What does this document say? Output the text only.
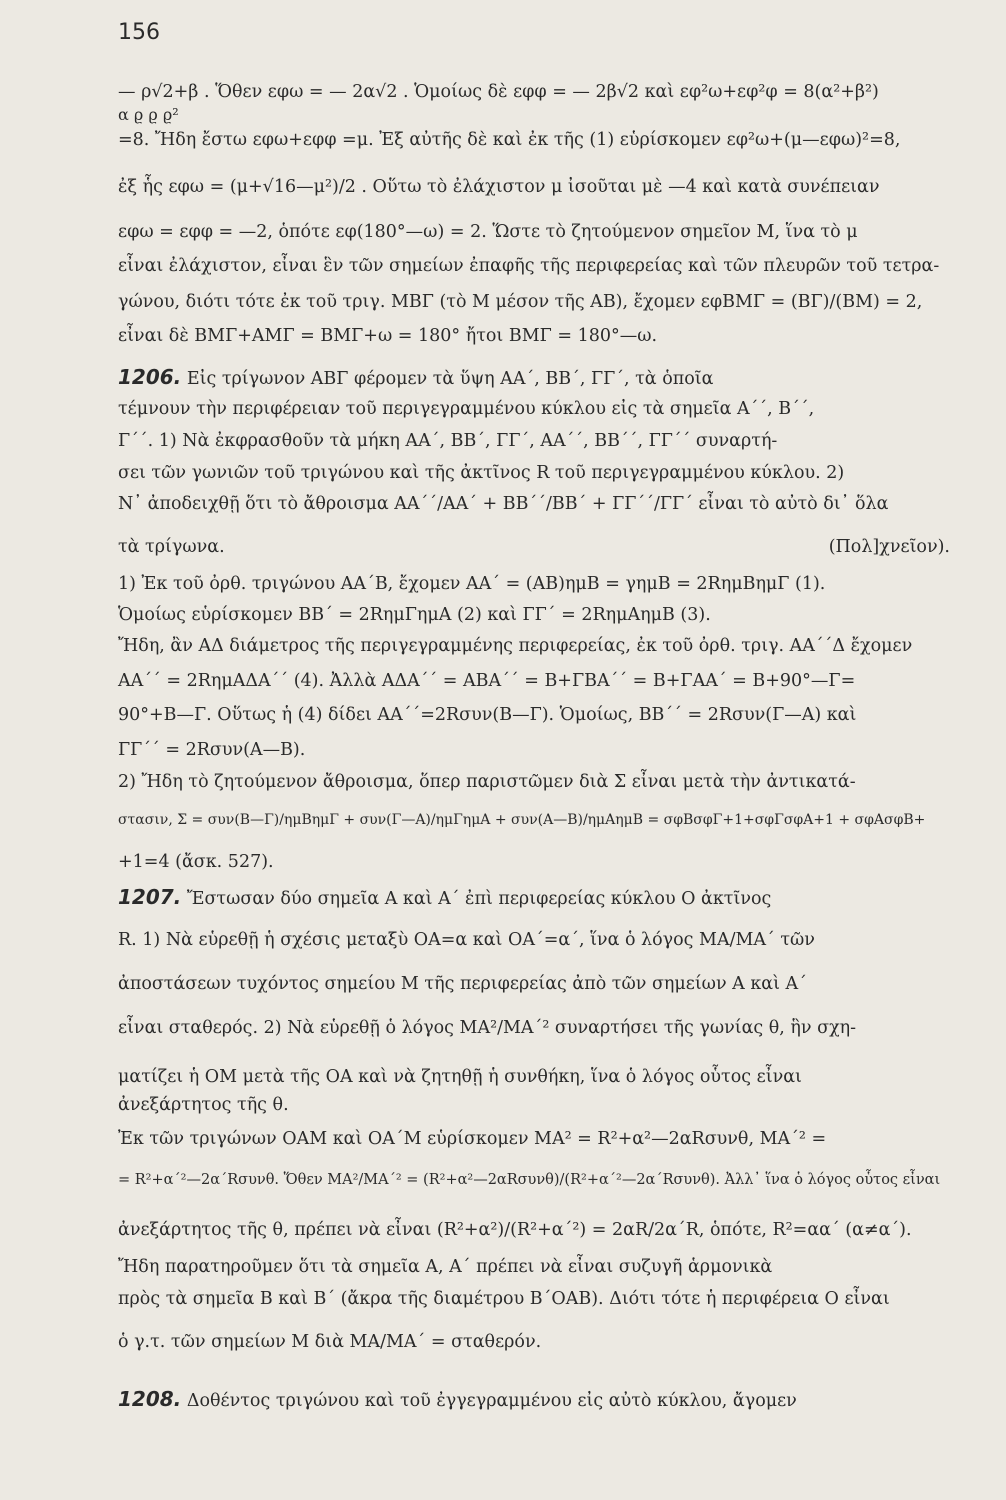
156
— ρ√2+β . Ὅθεν εφω = — 2α√2 . Ὁμοίως δὲ εφφ = — 2β√2 καὶ εφ²ω+εφ²φ = 8(α²+β²)
α ϱ ϱ ϱ²
=8. Ἤδη ἔστω εφω+εφφ =μ. Ἐξ αὐτῆς δὲ καὶ ἐκ τῆς (1) εὑρίσκομεν εφ²ω+(μ—εφω)²=8,
ἐξ ἧς εφω = (μ+√16—μ²)/2 . Οὕτω τὸ ἐλάχιστον μ ἰσοῦται μὲ —4 καὶ κατὰ συνέπειαν
εφω = εφφ = —2, ὁπότε εφ(180°—ω) = 2. Ὥστε τὸ ζητούμενον σημεῖον Μ, ἵνα τὸ μ
εἶναι ἐλάχιστον, εἶναι ἓν τῶν σημείων ἐπαφῆς τῆς περιφερείας καὶ τῶν πλευρῶν τοῦ τετρα-
γώνου, διότι τότε ἐκ τοῦ τριγ. ΜΒΓ (τὸ Μ μέσον τῆς ΑΒ), ἔχομεν εφΒΜΓ = (ΒΓ)/(ΒΜ) = 2,
εἶναι δὲ ΒΜΓ+ΑΜΓ = ΒΜΓ+ω = 180° ἤτοι ΒΜΓ = 180°—ω.
1206. Εἰς τρίγωνον ΑΒΓ φέρομεν τὰ ὕψη ΑΑ΄, ΒΒ΄, ΓΓ΄, τὰ ὁποῖα
τέμνουν τὴν περιφέρειαν τοῦ περιγεγραμμένου κύκλου εἰς τὰ σημεῖα Α΄΄, Β΄΄,
Γ΄΄. 1) Νὰ ἐκφρασθοῦν τὰ μήκη ΑΑ΄, ΒΒ΄, ΓΓ΄, ΑΑ΄΄, ΒΒ΄΄, ΓΓ΄΄ συναρτή-
σει τῶν γωνιῶν τοῦ τριγώνου καὶ τῆς ἀκτῖνος R τοῦ περιγεγραμμένου κύκλου. 2)
Ν᾽ ἀποδειχθῇ ὅτι τὸ ἄθροισμα ΑΑ΄΄/ΑΑ΄ + ΒΒ΄΄/ΒΒ΄ + ΓΓ΄΄/ΓΓ΄ εἶναι τὸ αὐτὸ δι᾽ ὅλα
τὰ τρίγωνα.	(Πολ]χνεῖον).
1) Ἐκ τοῦ ὀρθ. τριγώνου ΑΑ΄Β, ἔχομεν ΑΑ΄ = (ΑΒ)ημΒ = γημΒ = 2RημΒημΓ (1).
Ὁμοίως εὑρίσκομεν ΒΒ΄ = 2RημΓημΑ (2) καὶ ΓΓ΄ = 2RημΑημΒ (3).
Ἤδη, ἂν ΑΔ διάμετρος τῆς περιγεγραμμένης περιφερείας, ἐκ τοῦ ὀρθ. τριγ. ΑΑ΄΄Δ ἔχομεν
ΑΑ΄΄ = 2RημΑΔΑ΄΄ (4). Ἀλλὰ ΑΔΑ΄΄ = ΑΒΑ΄΄ = Β+ΓΒΑ΄΄ = Β+ΓΑΑ΄ = Β+90°—Γ=
90°+Β—Γ. Οὕτως ἡ (4) δίδει ΑΑ΄΄=2Rσυν(Β—Γ). Ὁμοίως, ΒΒ΄΄ = 2Rσυν(Γ—Α) καὶ
ΓΓ΄΄ = 2Rσυν(Α—Β).
2) Ἤδη τὸ ζητούμενον ἄθροισμα, ὅπερ παριστῶμεν διὰ Σ εἶναι μετὰ τὴν ἀντικατά-
στασιν, Σ = συν(Β—Γ)/ημΒημΓ + συν(Γ—Α)/ημΓημΑ + συν(Α—Β)/ημΑημΒ = σφΒσφΓ+1+σφΓσφΑ+1 + σφΑσφΒ+
+1=4 (ἄσκ. 527).
1207. Ἔστωσαν δύο σημεῖα Α καὶ Α΄ ἐπὶ περιφερείας κύκλου Ο ἀκτῖνος
R. 1) Νὰ εὑρεθῇ ἡ σχέσις μεταξὺ ΟΑ=α καὶ ΟΑ΄=α΄, ἵνα ὁ λόγος ΜΑ/ΜΑ΄ τῶν
ἀποστάσεων τυχόντος σημείου Μ τῆς περιφερείας ἀπὸ τῶν σημείων Α καὶ Α΄
εἶναι σταθερός. 2) Νὰ εὑρεθῇ ὁ λόγος ΜΑ²/ΜΑ΄² συναρτήσει τῆς γωνίας θ, ἣν σχη-
ματίζει ἡ ΟΜ μετὰ τῆς ΟΑ καὶ νὰ ζητηθῇ ἡ συνθήκη, ἵνα ὁ λόγος οὗτος εἶναι
ἀνεξάρτητος τῆς θ.
Ἐκ τῶν τριγώνων ΟΑΜ καὶ ΟΑ΄Μ εὑρίσκομεν ΜΑ² = R²+α²—2αRσυνθ, ΜΑ΄² =
= R²+α΄²—2α΄Rσυνθ. Ὅθεν ΜΑ²/ΜΑ΄² = (R²+α²—2αRσυνθ)/(R²+α΄²—2α΄Rσυνθ). Ἀλλ᾽ ἵνα ὁ λόγος οὗτος εἶναι
ἀνεξάρτητος τῆς θ, πρέπει νὰ εἶναι (R²+α²)/(R²+α΄²) = 2αR/2α΄R, ὁπότε, R²=αα΄ (α≠α΄).
Ἤδη παρατηροῦμεν ὅτι τὰ σημεῖα Α, Α΄ πρέπει νὰ εἶναι συζυγῆ ἁρμονικὰ
πρὸς τὰ σημεῖα Β καὶ Β΄ (ἄκρα τῆς διαμέτρου Β΄ΟΑΒ). Διότι τότε ἡ περιφέρεια Ο εἶναι
ὁ γ.τ. τῶν σημείων Μ διὰ ΜΑ/ΜΑ΄ = σταθερόν.
1208. Δοθέντος τριγώνου καὶ τοῦ ἐγγεγραμμένου εἰς αὐτὸ κύκλου, ἄγομεν
